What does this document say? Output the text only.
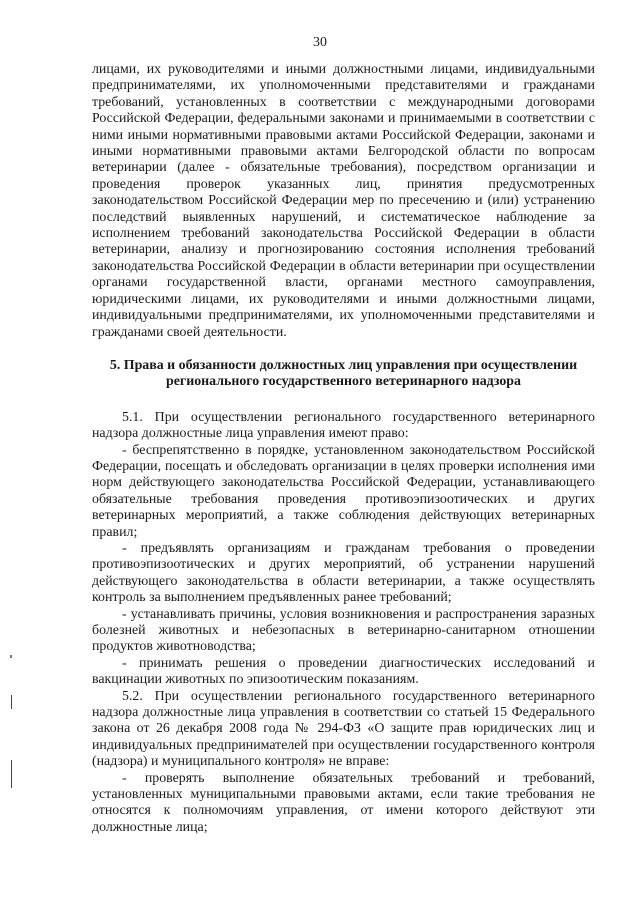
30

лицами, их руководителями и иными должностными лицами, индивидуальными предпринимателями, их уполномоченными представителями и гражданами требований, установленных в соответствии с международными договорами Российской Федерации, федеральными законами и принимаемыми в соответствии с ними иными нормативными правовыми актами Российской Федерации, законами и иными нормативными правовыми актами Белгородской области по вопросам ветеринарии (далее - обязательные требования), посредством организации и проведения проверок указанных лиц, принятия предусмотренных законодательством Российской Федерации мер по пресечению и (или) устранению последствий выявленных нарушений, и систематическое наблюдение за исполнением требований законодательства Российской Федерации в области ветеринарии, анализу и прогнозированию состояния исполнения требований законодательства Российской Федерации в области ветеринарии при осуществлении органами государственной власти, органами местного самоуправления, юридическими лицами, их руководителями и иными должностными лицами, индивидуальными предпринимателями, их уполномоченными представителями и гражданами своей деятельности.

5. Права и обязанности должностных лиц управления при осуществлении регионального государственного ветеринарного надзора

5.1. При осуществлении регионального государственного ветеринарного надзора должностные лица управления имеют право:

- беспрепятственно в порядке, установленном законодательством Российской Федерации, посещать и обследовать организации в целях проверки исполнения ими норм действующего законодательства Российской Федерации, устанавливающего обязательные требования проведения противоэпизоотических и других ветеринарных мероприятий, а также соблюдения действующих ветеринарных правил;

- предъявлять организациям и гражданам требования о проведении противоэпизоотических и других мероприятий, об устранении нарушений действующего законодательства в области ветеринарии, а также осуществлять контроль за выполнением предъявленных ранее требований;

- устанавливать причины, условия возникновения и распространения заразных болезней животных и небезопасных в ветеринарно-санитарном отношении продуктов животноводства;

- принимать решения о проведении диагностических исследований и вакцинации животных по эпизоотическим показаниям.

5.2. При осуществлении регионального государственного ветеринарного надзора должностные лица управления в соответствии со статьей 15 Федерального закона от 26 декабря 2008 года № 294-ФЗ «О защите прав юридических лиц и индивидуальных предпринимателей при осуществлении государственного контроля (надзора) и муниципального контроля» не вправе:

- проверять выполнение обязательных требований и требований, установленных муниципальными правовыми актами, если такие требования не относятся к полномочиям управления, от имени которого действуют эти должностные лица;
